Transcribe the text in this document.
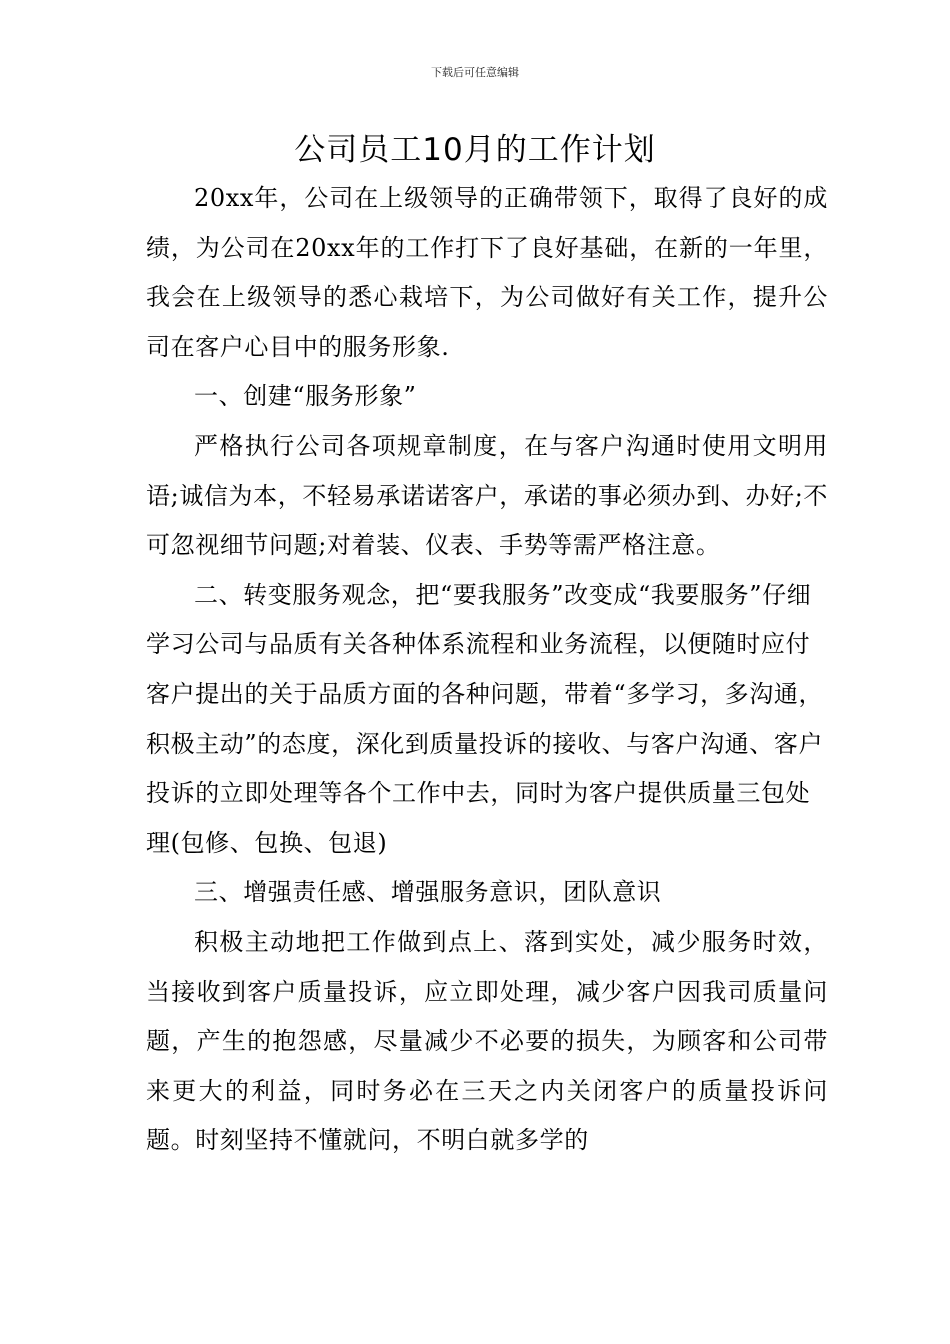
下载后可任意编辑
公司员工10月的工作计划

20xx年，公司在上级领导的正确带领下，取得了良好的成绩，为公司在20xx年的工作打下了良好基础，在新的一年里，我会在上级领导的悉心栽培下，为公司做好有关工作，提升公司在客户心目中的服务形象.

一、创建“服务形象”

严格执行公司各项规章制度，在与客户沟通时使用文明用语;诚信为本，不轻易承诺诺客户，承诺的事必须办到、办好;不可忽视细节问题;对着装、仪表、手势等需严格注意。

二、转变服务观念，把“要我服务”改变成“我要服务”仔细学习公司与品质有关各种体系流程和业务流程，以便随时应付客户提出的关于品质方面的各种问题，带着“多学习，多沟通，积极主动”的态度，深化到质量投诉的接收、与客户沟通、客户投诉的立即处理等各个工作中去，同时为客户提供质量三包处理(包修、包换、包退)

三、增强责任感、增强服务意识，团队意识

积极主动地把工作做到点上、落到实处，减少服务时效，当接收到客户质量投诉，应立即处理，减少客户因我司质量问题，产生的抱怨感，尽量减少不必要的损失，为顾客和公司带来更大的利益，同时务必在三天之内关闭客户的质量投诉问题。时刻坚持不懂就问，不明白就多学的
